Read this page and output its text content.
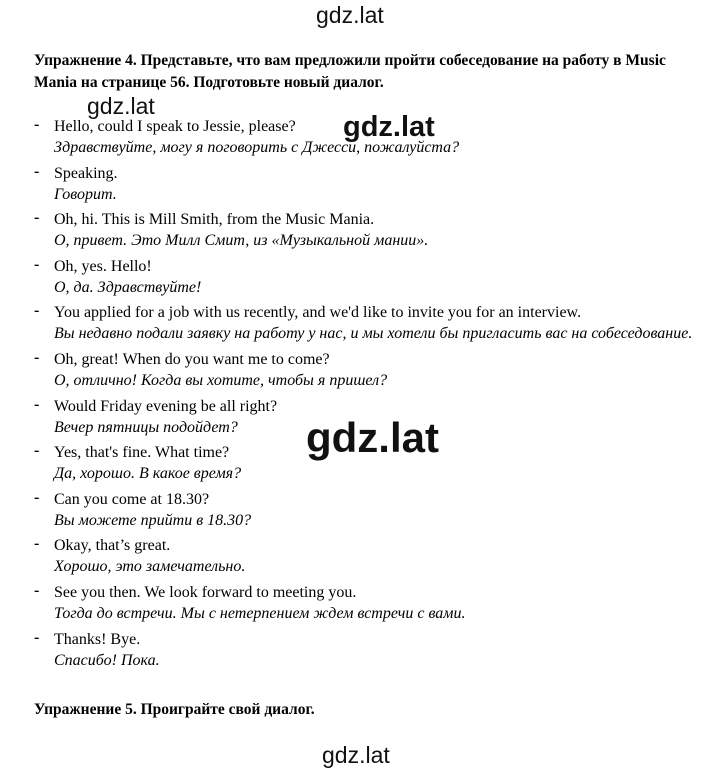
gdz.lat
gdz.lat
gdz.lat
gdz.lat
gdz.lat
Упражнение 4. Представьте, что вам предложили пройти собеседование на работу в Music Mania на странице 56. Подготовьте новый диалог.
- Hello, could I speak to Jessie, please?
Здравствуйте, могу я поговорить с Джесси, пожалуйста?
- Speaking.
Говорит.
- Oh, hi. This is Mill Smith, from the Music Mania.
О, привет. Это Милл Смит, из «Музыкальной мании».
- Oh, yes. Hello!
О, да. Здравствуйте!
- You applied for a job with us recently, and we'd like to invite you for an interview.
Вы недавно подали заявку на работу у нас, и мы хотели бы пригласить вас на собеседование.
- Oh, great! When do you want me to come?
О, отлично! Когда вы хотите, чтобы я пришел?
- Would Friday evening be all right?
Вечер пятницы подойдет?
- Yes, that's fine. What time?
Да, хорошо. В какое время?
- Can you come at 18.30?
Вы можете прийти в 18.30?
- Okay, that’s great.
Хорошо, это замечательно.
- See you then. We look forward to meeting you.
Тогда до встречи. Мы с нетерпением ждем встречи с вами.
- Thanks! Bye.
Спасибо! Пока.
Упражнение 5. Проиграйте свой диалог.
